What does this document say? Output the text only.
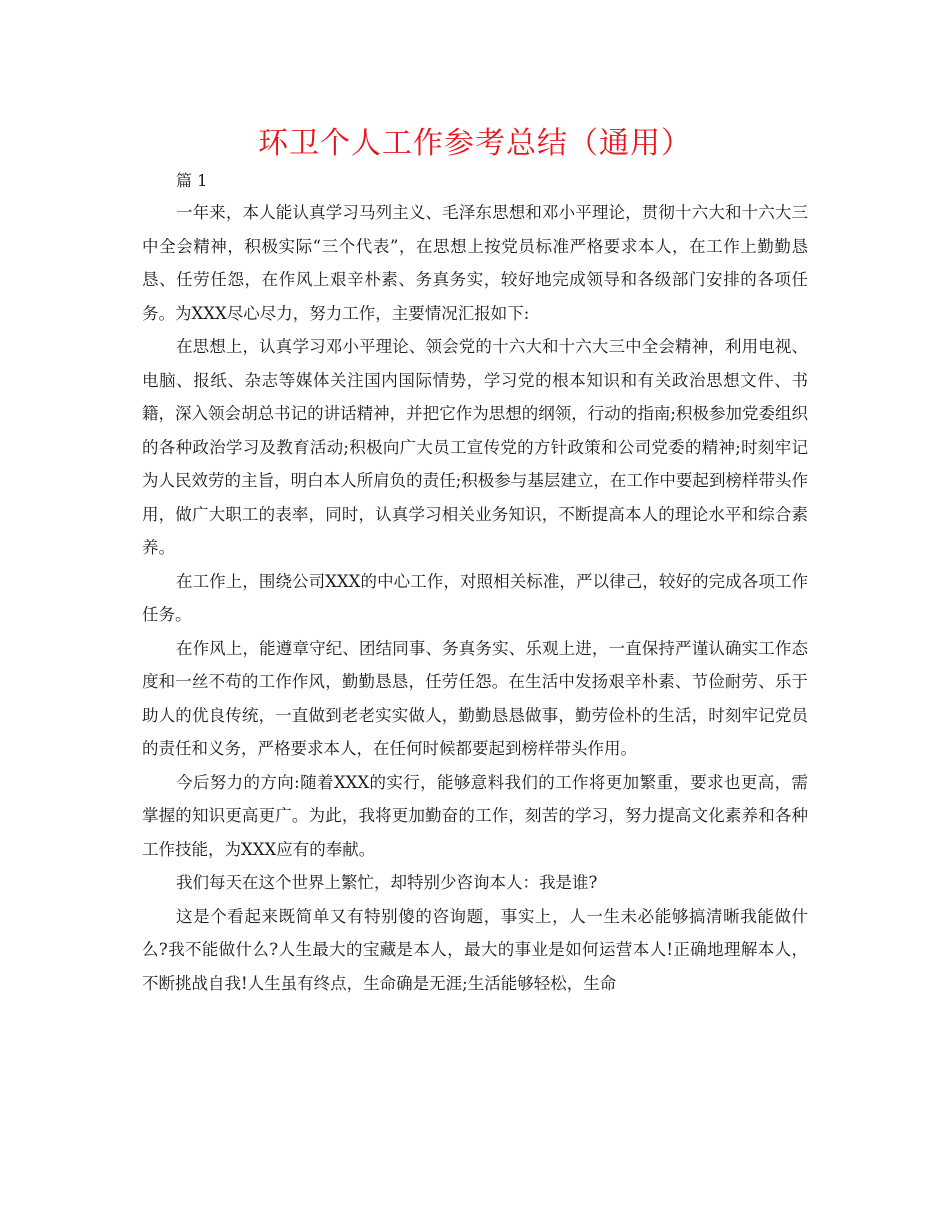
环卫个人工作参考总结（通用）
篇 1

一年来，本人能认真学习马列主义、毛泽东思想和邓小平理论，贯彻十六大和十六大三中全会精神，积极实际“三个代表”，在思想上按党员标准严格要求本人，在工作上勤勤恳恳、任劳任怨，在作风上艰辛朴素、务真务实，较好地完成领导和各级部门安排的各项任务。为XXX尽心尽力，努力工作，主要情况汇报如下:

在思想上，认真学习邓小平理论、领会党的十六大和十六大三中全会精神，利用电视、电脑、报纸、杂志等媒体关注国内国际情势，学习党的根本知识和有关政治思想文件、书籍，深入领会胡总书记的讲话精神，并把它作为思想的纲领，行动的指南;积极参加党委组织的各种政治学习及教育活动;积极向广大员工宣传党的方针政策和公司党委的精神;时刻牢记为人民效劳的主旨，明白本人所肩负的责任;积极参与基层建立，在工作中要起到榜样带头作用，做广大职工的表率，同时，认真学习相关业务知识，不断提高本人的理论水平和综合素养。

在工作上，围绕公司XXX的中心工作，对照相关标准，严以律己，较好的完成各项工作任务。

在作风上，能遵章守纪、团结同事、务真务实、乐观上进，一直保持严谨认确实工作态度和一丝不苟的工作作风，勤勤恳恳，任劳任怨。在生活中发扬艰辛朴素、节俭耐劳、乐于助人的优良传统，一直做到老老实实做人，勤勤恳恳做事，勤劳俭朴的生活，时刻牢记党员的责任和义务，严格要求本人，在任何时候都要起到榜样带头作用。

今后努力的方向:随着XXX的实行，能够意料我们的工作将更加繁重，要求也更高，需掌握的知识更高更广。为此，我将更加勤奋的工作，刻苦的学习，努力提高文化素养和各种工作技能，为XXX应有的奉献。

我们每天在这个世界上繁忙，却特别少咨询本人：我是谁?

这是个看起来既简单又有特别傻的咨询题，事实上，人一生未必能够搞清晰我能做什么?我不能做什么?人生最大的宝藏是本人，最大的事业是如何运营本人!正确地理解本人，不断挑战自我!人生虽有终点，生命确是无涯;生活能够轻松，生命
